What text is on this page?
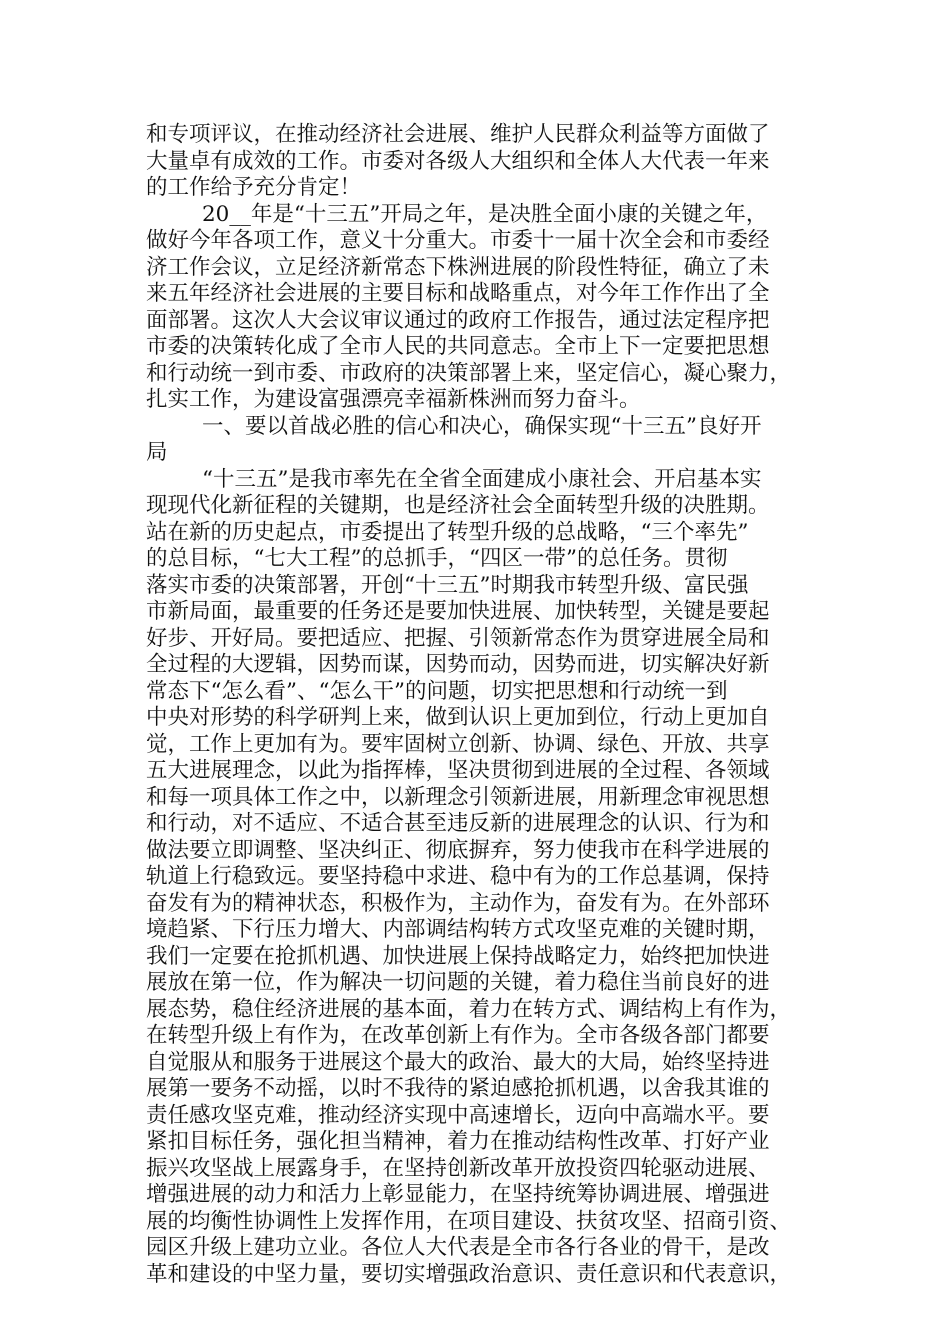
和专项评议，在推动经济社会进展、维护人民群众利益等方面做了
大量卓有成效的工作。市委对各级人大组织和全体人大代表一年来
的工作给予充分肯定！
20__年是“十三五”开局之年，是决胜全面小康的关键之年，
做好今年各项工作，意义十分重大。市委十一届十次全会和市委经
济工作会议，立足经济新常态下株洲进展的阶段性特征，确立了未
来五年经济社会进展的主要目标和战略重点，对今年工作作出了全
面部署。这次人大会议审议通过的政府工作报告，通过法定程序把
市委的决策转化成了全市人民的共同意志。全市上下一定要把思想
和行动统一到市委、市政府的决策部署上来，坚定信心，凝心聚力，
扎实工作，为建设富强漂亮幸福新株洲而努力奋斗。
一、要以首战必胜的信心和决心，确保实现“十三五”良好开
局
“十三五”是我市率先在全省全面建成小康社会、开启基本实
现现代化新征程的关键期，也是经济社会全面转型升级的决胜期。
站在新的历史起点，市委提出了转型升级的总战略，“三个率先”
的总目标，“七大工程”的总抓手，“四区一带”的总任务。贯彻
落实市委的决策部署，开创“十三五”时期我市转型升级、富民强
市新局面，最重要的任务还是要加快进展、加快转型，关键是要起
好步、开好局。要把适应、把握、引领新常态作为贯穿进展全局和
全过程的大逻辑，因势而谋，因势而动，因势而进，切实解决好新
常态下“怎么看”、“怎么干”的问题，切实把思想和行动统一到
中央对形势的科学研判上来，做到认识上更加到位，行动上更加自
觉，工作上更加有为。要牢固树立创新、协调、绿色、开放、共享
五大进展理念，以此为指挥棒，坚决贯彻到进展的全过程、各领域
和每一项具体工作之中，以新理念引领新进展，用新理念审视思想
和行动，对不适应、不适合甚至违反新的进展理念的认识、行为和
做法要立即调整、坚决纠正、彻底摒弃，努力使我市在科学进展的
轨道上行稳致远。要坚持稳中求进、稳中有为的工作总基调，保持
奋发有为的精神状态，积极作为，主动作为，奋发有为。在外部环
境趋紧、下行压力增大、内部调结构转方式攻坚克难的关键时期，
我们一定要在抢抓机遇、加快进展上保持战略定力，始终把加快进
展放在第一位，作为解决一切问题的关键，着力稳住当前良好的进
展态势，稳住经济进展的基本面，着力在转方式、调结构上有作为，
在转型升级上有作为，在改革创新上有作为。全市各级各部门都要
自觉服从和服务于进展这个最大的政治、最大的大局，始终坚持进
展第一要务不动摇，以时不我待的紧迫感抢抓机遇，以舍我其谁的
责任感攻坚克难，推动经济实现中高速增长，迈向中高端水平。要
紧扣目标任务，强化担当精神，着力在推动结构性改革、打好产业
振兴攻坚战上展露身手，在坚持创新改革开放投资四轮驱动进展、
增强进展的动力和活力上彰显能力，在坚持统筹协调进展、增强进
展的均衡性协调性上发挥作用，在项目建设、扶贫攻坚、招商引资、
园区升级上建功立业。各位人大代表是全市各行各业的骨干，是改
革和建设的中坚力量，要切实增强政治意识、责任意识和代表意识，
